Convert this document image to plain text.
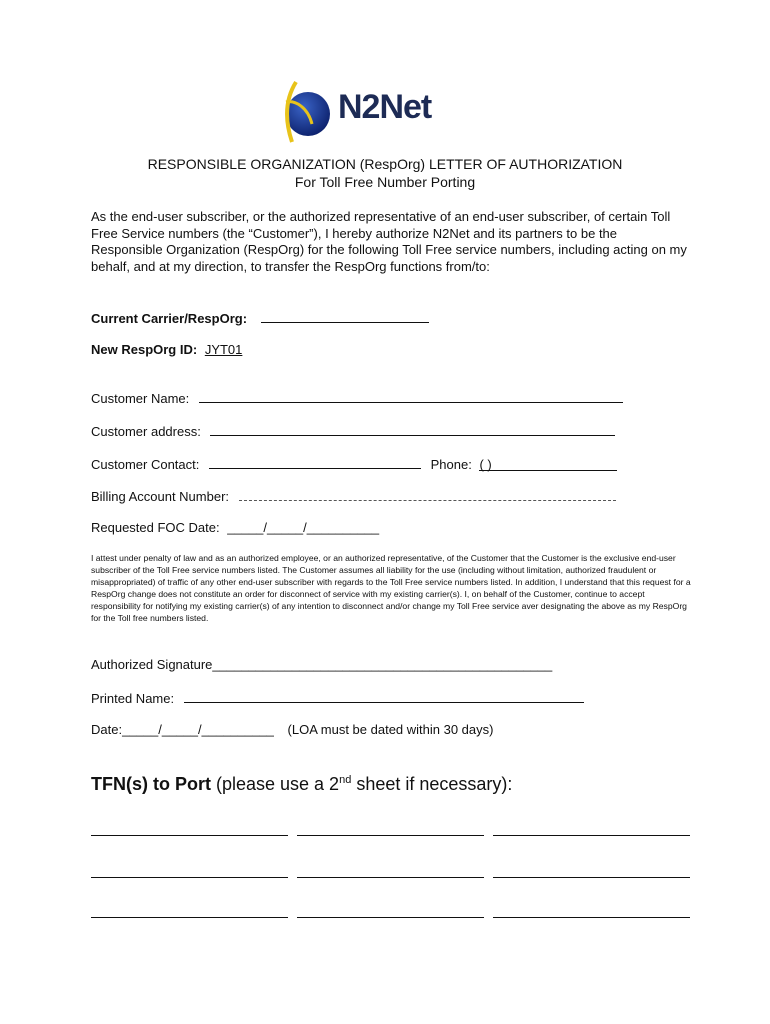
N2Net
RESPONSIBLE ORGANIZATION (RespOrg) LETTER OF AUTHORIZATION
For Toll Free Number Porting
As the end-user subscriber, or the authorized representative of an end-user subscriber, of certain Toll Free Service numbers (the “Customer”), I hereby authorize N2Net and its partners to be the Responsible Organization (RespOrg) for the following Toll Free service numbers, including acting on my behalf, and at my direction, to transfer the RespOrg functions from/to:
Current Carrier/RespOrg:
New RespOrg ID: JYT01
Customer Name:
Customer address:
Customer Contact:	Phone: ( )
Billing Account Number:
Requested FOC Date: _____/_____/__________
I attest under penalty of law and as an authorized employee, or an authorized representative, of the Customer that the Customer is the exclusive end-user subscriber of the Toll Free service numbers listed. The Customer assumes all liability for the use (including without limitation, authorized fraudulent or misappropriated) of traffic of any other end-user subscriber with regards to the Toll Free service numbers listed. In addition, I understand that this request for a RespOrg change does not constitute an order for disconnect of service with my existing carrier(s). I, on behalf of the Customer, continue to accept responsibility for notifying my existing carrier(s) of any intention to disconnect and/or change my Toll Free service aver designating the above as my RespOrg for the Toll free numbers listed.
Authorized Signature_______________________________________________
Printed Name:
Date:_____/_____/__________ (LOA must be dated within 30 days)
TFN(s) to Port (please use a 2nd sheet if necessary):
